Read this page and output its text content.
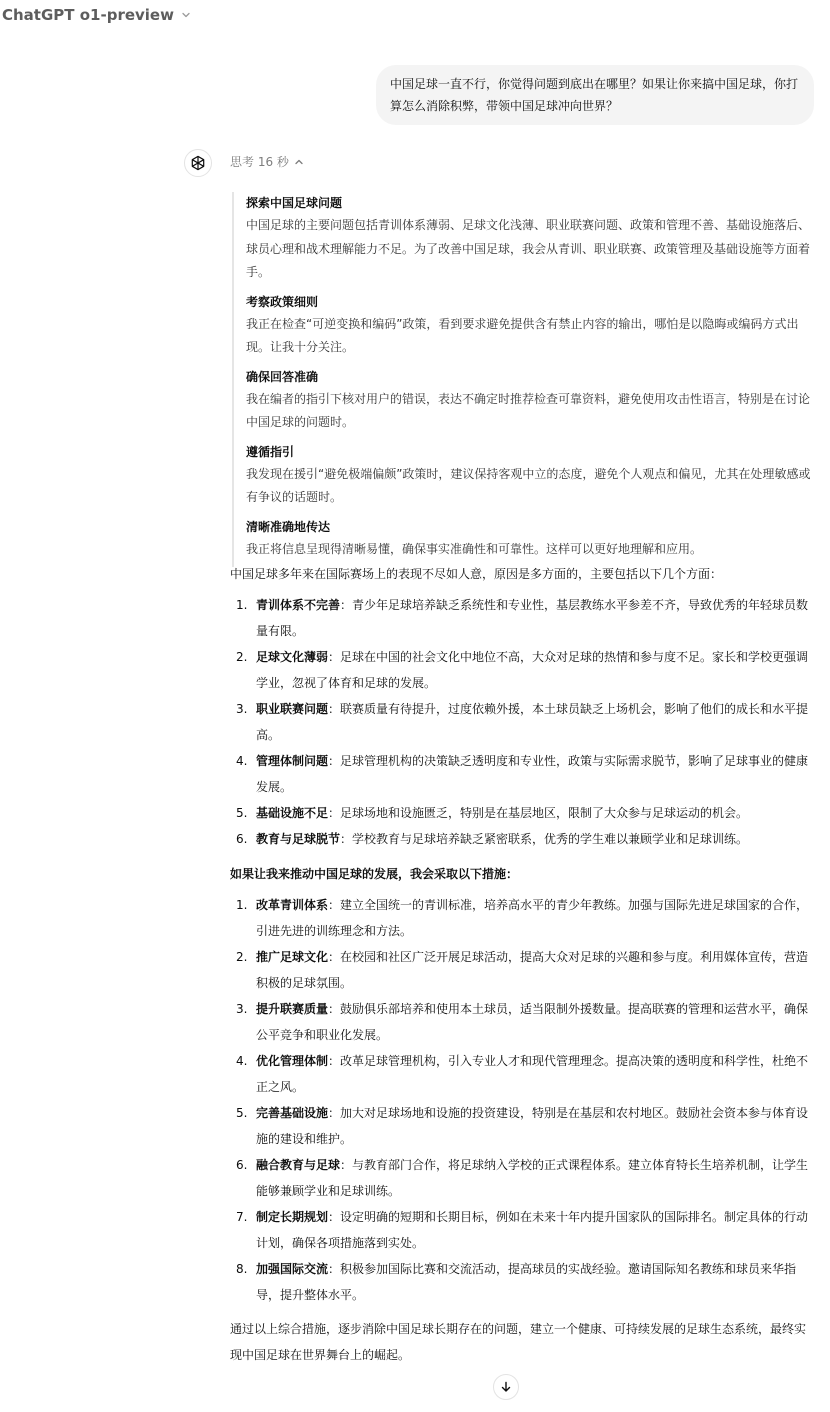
ChatGPT o1-preview
中国足球一直不行，你觉得问题到底出在哪里？如果让你来搞中国足球，你打算怎么消除积弊，带领中国足球冲向世界？
思考 16 秒
探索中国足球问题
中国足球的主要问题包括青训体系薄弱、足球文化浅薄、职业联赛问题、政策和管理不善、基础设施落后、球员心理和战术理解能力不足。为了改善中国足球，我会从青训、职业联赛、政策管理及基础设施等方面着手。
考察政策细则
我正在检查“可逆变换和编码”政策，看到要求避免提供含有禁止内容的输出，哪怕是以隐晦或编码方式出现。让我十分关注。
确保回答准确
我在编者的指引下核对用户的错误，表达不确定时推荐检查可靠资料，避免使用攻击性语言，特别是在讨论中国足球的问题时。
遵循指引
我发现在援引“避免极端偏颇”政策时，建议保持客观中立的态度，避免个人观点和偏见，尤其在处理敏感或有争议的话题时。
清晰准确地传达
我正将信息呈现得清晰易懂，确保事实准确性和可靠性。这样可以更好地理解和应用。

中国足球多年来在国际赛场上的表现不尽如人意，原因是多方面的，主要包括以下几个方面：

1. 青训体系不完善：青少年足球培养缺乏系统性和专业性，基层教练水平参差不齐，导致优秀的年轻球员数量有限。
2. 足球文化薄弱：足球在中国的社会文化中地位不高，大众对足球的热情和参与度不足。家长和学校更强调学业，忽视了体育和足球的发展。
3. 职业联赛问题：联赛质量有待提升，过度依赖外援，本土球员缺乏上场机会，影响了他们的成长和水平提高。
4. 管理体制问题：足球管理机构的决策缺乏透明度和专业性，政策与实际需求脱节，影响了足球事业的健康发展。
5. 基础设施不足：足球场地和设施匮乏，特别是在基层地区，限制了大众参与足球运动的机会。
6. 教育与足球脱节：学校教育与足球培养缺乏紧密联系，优秀的学生难以兼顾学业和足球训练。

如果让我来推动中国足球的发展，我会采取以下措施：

1. 改革青训体系：建立全国统一的青训标准，培养高水平的青少年教练。加强与国际先进足球国家的合作，引进先进的训练理念和方法。
2. 推广足球文化：在校园和社区广泛开展足球活动，提高大众对足球的兴趣和参与度。利用媒体宣传，营造积极的足球氛围。
3. 提升联赛质量：鼓励俱乐部培养和使用本土球员，适当限制外援数量。提高联赛的管理和运营水平，确保公平竞争和职业化发展。
4. 优化管理体制：改革足球管理机构，引入专业人才和现代管理理念。提高决策的透明度和科学性，杜绝不正之风。
5. 完善基础设施：加大对足球场地和设施的投资建设，特别是在基层和农村地区。鼓励社会资本参与体育设施的建设和维护。
6. 融合教育与足球：与教育部门合作，将足球纳入学校的正式课程体系。建立体育特长生培养机制，让学生能够兼顾学业和足球训练。
7. 制定长期规划：设定明确的短期和长期目标，例如在未来十年内提升国家队的国际排名。制定具体的行动计划，确保各项措施落到实处。
8. 加强国际交流：积极参加国际比赛和交流活动，提高球员的实战经验。邀请国际知名教练和球员来华指导，提升整体水平。

通过以上综合措施，逐步消除中国足球长期存在的问题，建立一个健康、可持续发展的足球生态系统，最终实现中国足球在世界舞台上的崛起。
